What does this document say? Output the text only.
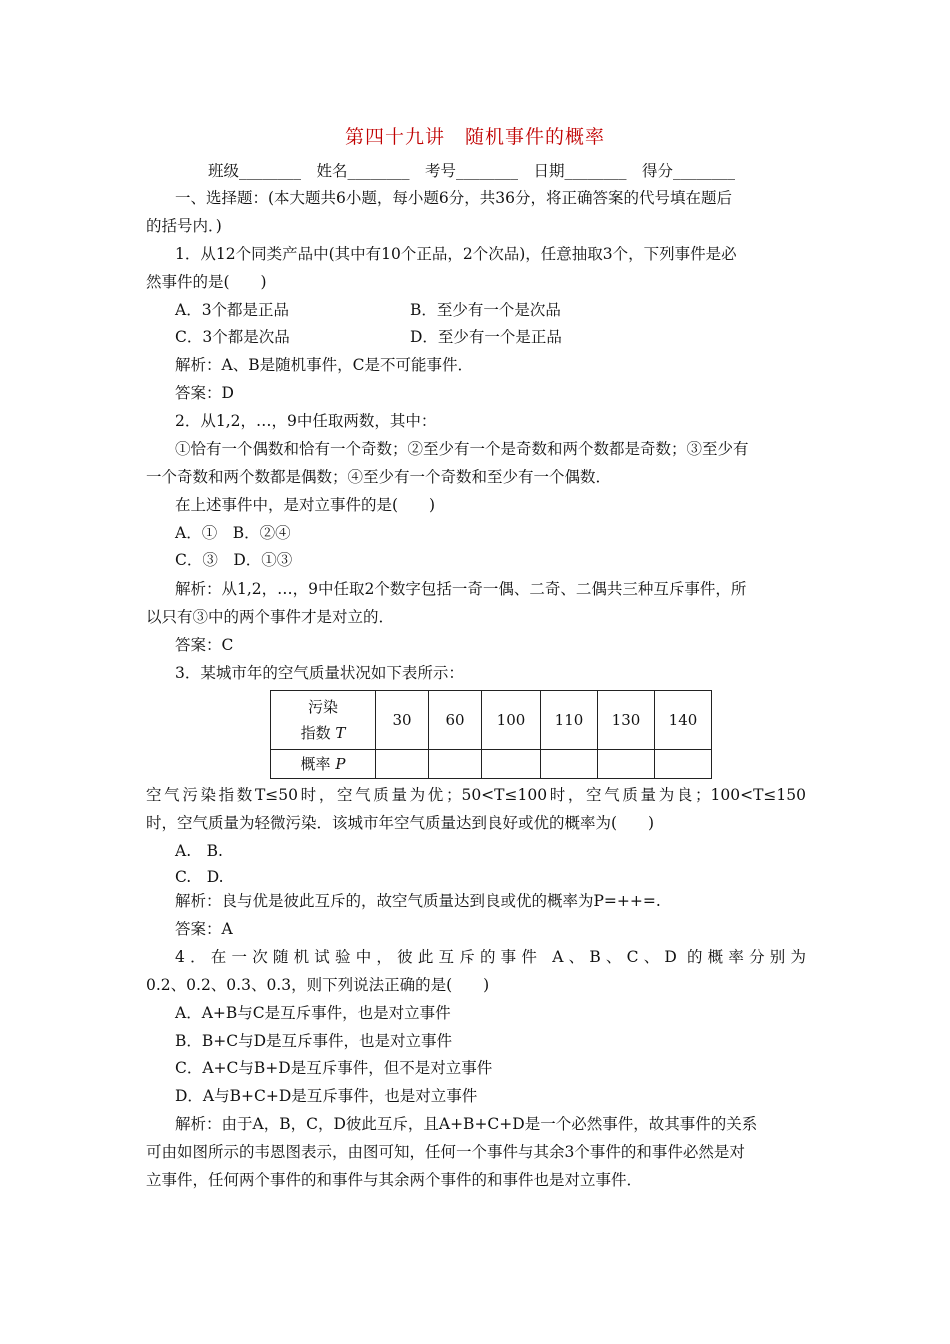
第四十九讲　随机事件的概率
班级________　姓名________　考号________　日期________　得分________
一、选择题：(本大题共6小题，每小题6分，共36分，将正确答案的代号填在题后
的括号内．)
1．从12个同类产品中(其中有10个正品，2个次品)，任意抽取3个，下列事件是必
然事件的是(　　)
A．3个都是正品	B．至少有一个是次品
C．3个都是次品	D．至少有一个是正品
解析：A、B是随机事件，C是不可能事件．
答案：D
2．从1,2，…，9中任取两数，其中：
①恰有一个偶数和恰有一个奇数；②至少有一个是奇数和两个数都是奇数；③至少有
一个奇数和两个数都是偶数；④至少有一个奇数和至少有一个偶数．
在上述事件中，是对立事件的是(　　)
A．①　B．②④
C．③　D．①③
解析：从1,2，…，9中任取2个数字包括一奇一偶、二奇、二偶共三种互斥事件，所
以只有③中的两个事件才是对立的．
答案：C
3．某城市年的空气质量状况如下表所示：
污染
指数 T	30	60	100	110	130	140
概率 P						
空气污染指数T≤50时，空气质量为优；50<T≤100时，空气质量为良；100<T≤150
时，空气质量为轻微污染．该城市年空气质量达到良好或优的概率为(　　)
A.　B.
C.　D.
解析：良与优是彼此互斥的，故空气质量达到良或优的概率为P=++=.
答案：A
4．在一次随机试验中，彼此互斥的事件 A、B、C、D 的概率分别为
0.2、0.2、0.3、0.3，则下列说法正确的是(　　)
A．A+B与C是互斥事件，也是对立事件
B．B+C与D是互斥事件，也是对立事件
C．A+C与B+D是互斥事件，但不是对立事件
D．A与B+C+D是互斥事件，也是对立事件
解析：由于A，B，C，D彼此互斥，且A+B+C+D是一个必然事件，故其事件的关系
可由如图所示的韦恩图表示，由图可知，任何一个事件与其余3个事件的和事件必然是对
立事件，任何两个事件的和事件与其余两个事件的和事件也是对立事件．
